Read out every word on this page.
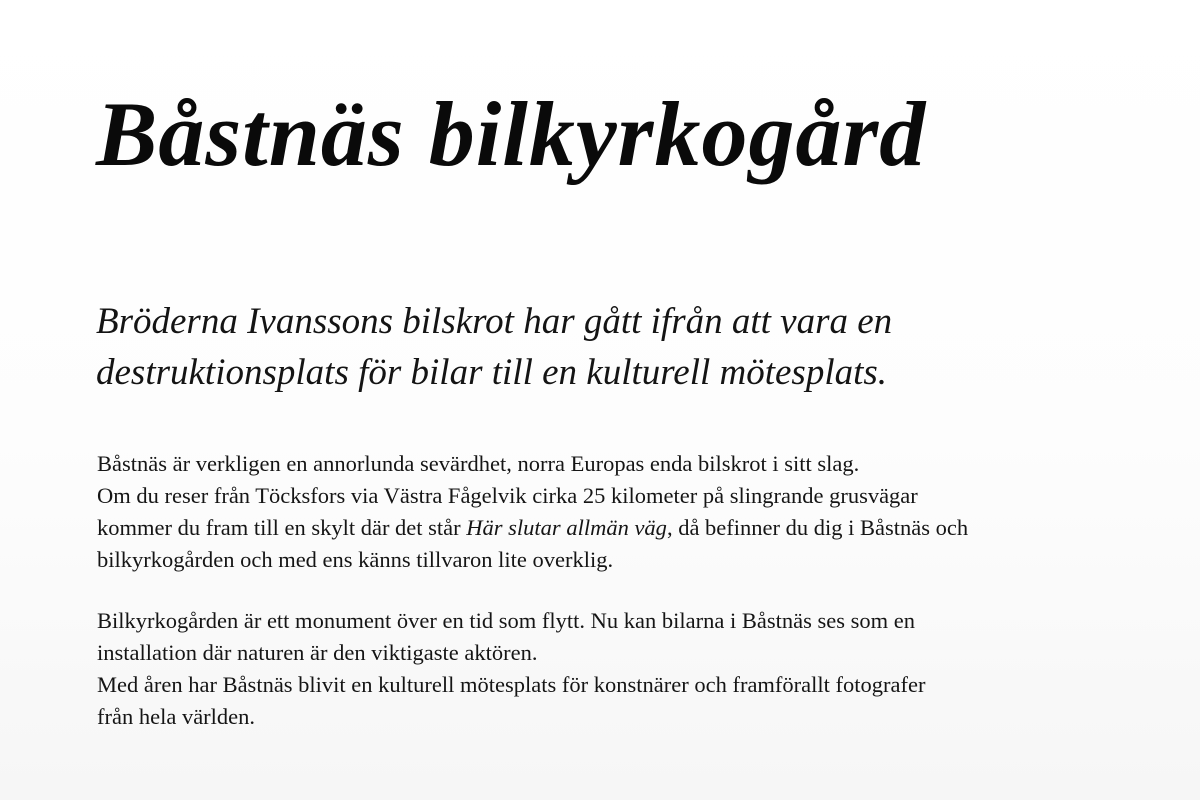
Båstnäs bilkyrkogård

Bröderna Ivanssons bilskrot har gått ifrån att vara en
destruktionsplats för bilar till en kulturell mötesplats.

Båstnäs är verkligen en annorlunda sevärdhet, norra Europas enda bilskrot i sitt slag.
Om du reser från Töcksfors via Västra Fågelvik cirka 25 kilometer på slingrande grusvägar
kommer du fram till en skylt där det står Här slutar allmän väg, då befinner du dig i Båstnäs och
bilkyrkogården och med ens känns tillvaron lite overklig.

Bilkyrkogården är ett monument över en tid som flytt. Nu kan bilarna i Båstnäs ses som en
installation där naturen är den viktigaste aktören.
Med åren har Båstnäs blivit en kulturell mötesplats för konstnärer och framförallt fotografer
från hela världen.
